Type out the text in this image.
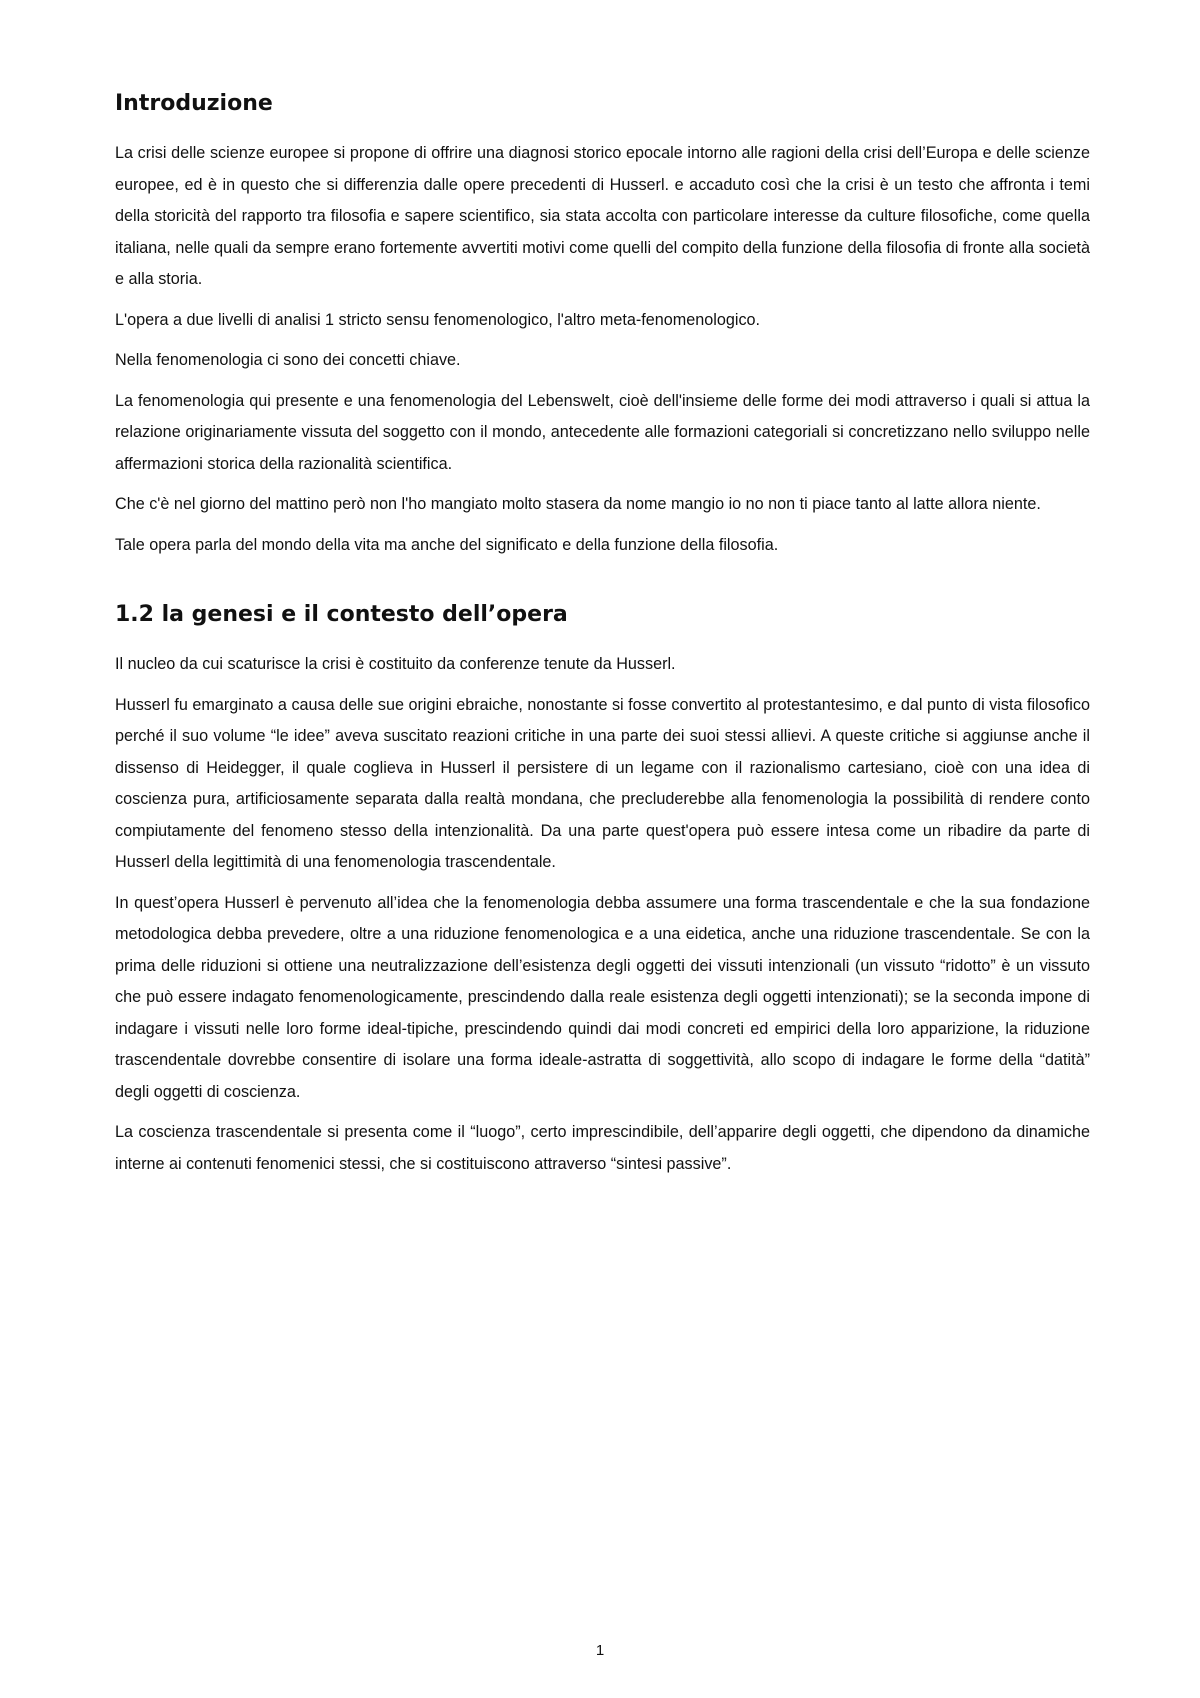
Introduzione

La crisi delle scienze europee si propone di offrire una diagnosi storico epocale intorno alle ragioni della crisi dell’Europa e delle scienze europee, ed è in questo che si differenzia dalle opere precedenti di Husserl. e accaduto così che la crisi è un testo che affronta i temi della storicità del rapporto tra filosofia e sapere scientifico, sia stata accolta con particolare interesse da culture filosofiche, come quella italiana, nelle quali da sempre erano fortemente avvertiti motivi come quelli del compito della funzione della filosofia di fronte alla società e alla storia.

L'opera a due livelli di analisi 1 stricto sensu fenomenologico, l'altro meta-fenomenologico.

Nella fenomenologia ci sono dei concetti chiave.

La fenomenologia qui presente e una fenomenologia del Lebenswelt, cioè dell'insieme delle forme dei modi attraverso i quali si attua la relazione originariamente vissuta del soggetto con il mondo, antecedente alle formazioni categoriali si concretizzano nello sviluppo nelle affermazioni storica della razionalità scientifica.

Che c'è nel giorno del mattino però non l'ho mangiato molto stasera da nome mangio io no non ti piace tanto al latte allora niente.

Tale opera parla del mondo della vita ma anche del significato e della funzione della filosofia.

1.2 la genesi e il contesto dell’opera

Il nucleo da cui scaturisce la crisi è costituito da conferenze tenute da Husserl.

Husserl fu emarginato a causa delle sue origini ebraiche, nonostante si fosse convertito al protestantesimo, e dal punto di vista filosofico perché il suo volume “le idee” aveva suscitato reazioni critiche in una parte dei suoi stessi allievi. A queste critiche si aggiunse anche il dissenso di Heidegger, il quale coglieva in Husserl il persistere di un legame con il razionalismo cartesiano, cioè con una idea di coscienza pura, artificiosamente separata dalla realtà mondana, che precluderebbe alla fenomenologia la possibilità di rendere conto compiutamente del fenomeno stesso della intenzionalità. Da una parte quest'opera può essere intesa come un ribadire da parte di Husserl della legittimità di una fenomenologia trascendentale.

In quest’opera Husserl è pervenuto all’idea che la fenomenologia debba assumere una forma trascendentale e che la sua fondazione metodologica debba prevedere, oltre a una riduzione fenomenologica e a una eidetica, anche una riduzione trascendentale. Se con la prima delle riduzioni si ottiene una neutralizzazione dell’esistenza degli oggetti dei vissuti intenzionali (un vissuto “ridotto” è un vissuto che può essere indagato fenomenologicamente, prescindendo dalla reale esistenza degli oggetti intenzionati); se la seconda impone di indagare i vissuti nelle loro forme ideal-tipiche, prescindendo quindi dai modi concreti ed empirici della loro apparizione, la riduzione trascendentale dovrebbe consentire di isolare una forma ideale-astratta di soggettività, allo scopo di indagare le forme della “datità” degli oggetti di coscienza.

La coscienza trascendentale si presenta come il “luogo”, certo imprescindibile, dell’apparire degli oggetti, che dipendono da dinamiche interne ai contenuti fenomenici stessi, che si costituiscono attraverso “sintesi passive”.

1
